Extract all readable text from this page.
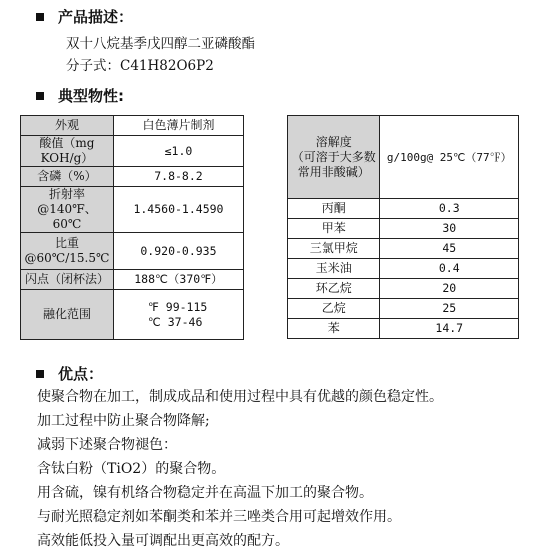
产品描述：
双十八烷基季戊四醇二亚磷酸酯
分子式：C41H82O6P2
典型物性:
外观	白色薄片制剂
酸值（mg KOH/g）	≤1.0
含磷（%）	7.8-8.2
折射率 @140℉、60℃	1.4560-1.4590
比重 @60℃/15.5℃	0.920-0.935
闪点（闭杯法）	188℃（370℉）
融化范围	℉ 99-115
℃ 37-46
溶解度
（可溶于大多数常用非酸碱）	g/100g@ 25℃（77℉）
丙酮	0.3
甲苯	30
三氯甲烷	45
玉米油	0.4
环乙烷	20
乙烷	25
苯	14.7
优点：
使聚合物在加工，制成成品和使用过程中具有优越的颜色稳定性。
加工过程中防止聚合物降解;
减弱下述聚合物褪色：
含钛白粉（TiO2）的聚合物。
用含硫，镍有机络合物稳定并在高温下加工的聚合物。
与耐光照稳定剂如苯酮类和苯并三唑类合用可起增效作用。
高效能低投入量可调配出更高效的配方。
